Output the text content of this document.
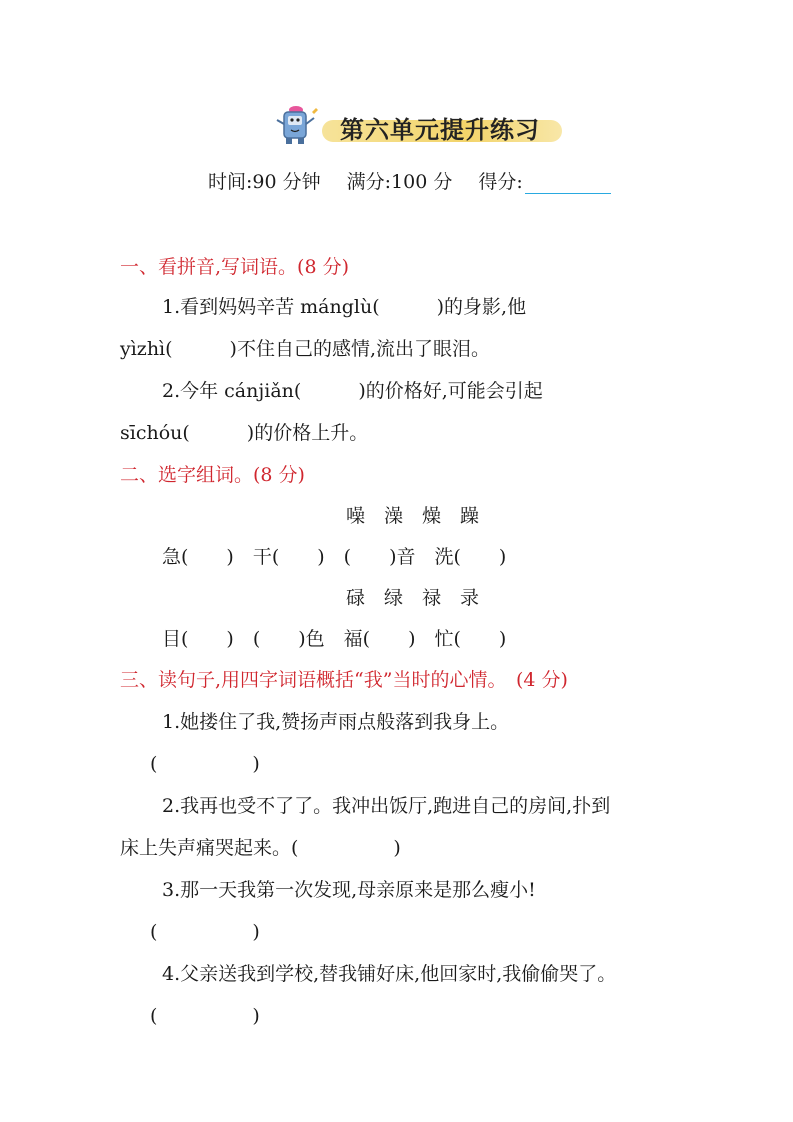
第六单元提升练习
时间:90 分钟 满分:100 分 得分:
一、看拼音,写词语。(8 分)
1.看到妈妈辛苦 mánglù(　　　)的身影,他
yìzhì(　　　)不住自己的感情,流出了眼泪。
2.今年 cánjiǎn(　　　)的价格好,可能会引起
sīchóu(　　　)的价格上升。
二、选字组词。(8 分)
噪　澡　燥　躁
急(　　)　干(　　)　(　　)音　洗(　　)
碌　绿　禄　录
目(　　)　(　　)色　福(　　)　忙(　　)
三、读句子,用四字词语概括“我”当时的心情。　(4 分)
1.她搂住了我,赞扬声雨点般落到我身上。
(　　　　　)
2.我再也受不了了。我冲出饭厅,跑进自己的房间,扑到
床上失声痛哭起来。(　　　　　)
3.那一天我第一次发现,母亲原来是那么瘦小!
(　　　　　)
4.父亲送我到学校,替我铺好床,他回家时,我偷偷哭了。
(　　　　　)
